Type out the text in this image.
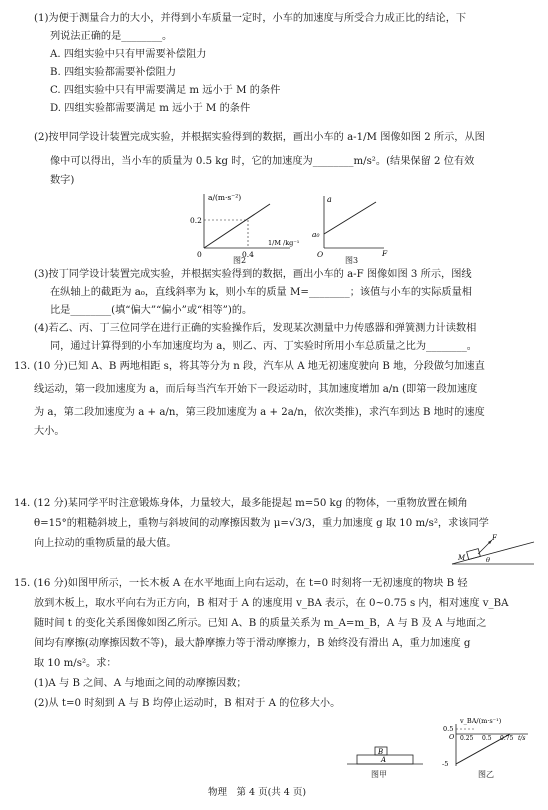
(1)为便于测量合力的大小，并得到小车质量一定时，小车的加速度与所受合力成正比的结论，下
列说法正确的是________。
A. 四组实验中只有甲需要补偿阻力
B. 四组实验都需要补偿阻力
C. 四组实验中只有甲需要满足 m 远小于 M 的条件
D. 四组实验都需要满足 m 远小于 M 的条件
(2)按甲同学设计装置完成实验，并根据实验得到的数据，画出小车的 a-1/M 图像如图 2 所示，从图
像中可以得出，当小车的质量为 0.5 kg 时，它的加速度为________m/s²。(结果保留 2 位有效
数字)
a/(m·s⁻²)
0.2
0.4
0
1/M /kg⁻¹
图2
a
a₀
O	F
图3
(3)按丁同学设计装置完成实验，并根据实验得到的数据，画出小车的 a-F 图像如图 3 所示，图线
在纵轴上的截距为 a₀，直线斜率为 k，则小车的质量 M=________；该值与小车的实际质量相
比是________(填“偏大”“偏小”或“相等”)的。
(4)若乙、丙、丁三位同学在进行正确的实验操作后，发现某次测量中力传感器和弹簧测力计读数相
同，通过计算得到的小车加速度均为 a，则乙、丙、丁实验时所用小车总质量之比为________。
13. (10 分)已知 A、B 两地相距 s，将其等分为 n 段，汽车从 A 地无初速度驶向 B 地，分段做匀加速直
线运动，第一段加速度为 a，而后每当汽车开始下一段运动时，其加速度增加 a/n (即第一段加速度
为 a，第二段加速度为 a + a/n，第三段加速度为 a + 2a/n，依次类推)，求汽车到达 B 地时的速度
大小。
14. (12 分)某同学平时注意锻炼身体，力量较大，最多能提起 m=50 kg 的物体，一重物放置在倾角
θ=15°的粗糙斜坡上，重物与斜坡间的动摩擦因数为 μ=√3/3，重力加速度 g 取 10 m/s²，求该同学
向上拉动的重物质量的最大值。	F
M	θ
15. (16 分)如图甲所示，一长木板 A 在水平地面上向右运动，在 t=0 时刻将一无初速度的物块 B 轻
放到木板上，取水平向右为正方向，B 相对于 A 的速度用 v_BA 表示，在 0~0.75 s 内，相对速度 v_BA
随时间 t 的变化关系图像如图乙所示。已知 A、B 的质量关系为 m_A=m_B，A 与 B 及 A 与地面之
间均有摩擦(动摩擦因数不等)，最大静摩擦力等于滑动摩擦力，B 始终没有滑出 A，重力加速度 g
取 10 m/s²。求：
(1)A 与 B 之间、A 与地面之间的动摩擦因数；
(2)从 t=0 时刻到 A 与 B 均停止运动时，B 相对于 A 的位移大小。
B
A
图甲
v_BA/(m·s⁻¹)
0.5
O 0.25 0.5 0.75 t/s
-5
图乙
物理　第 4 页(共 4 页)
